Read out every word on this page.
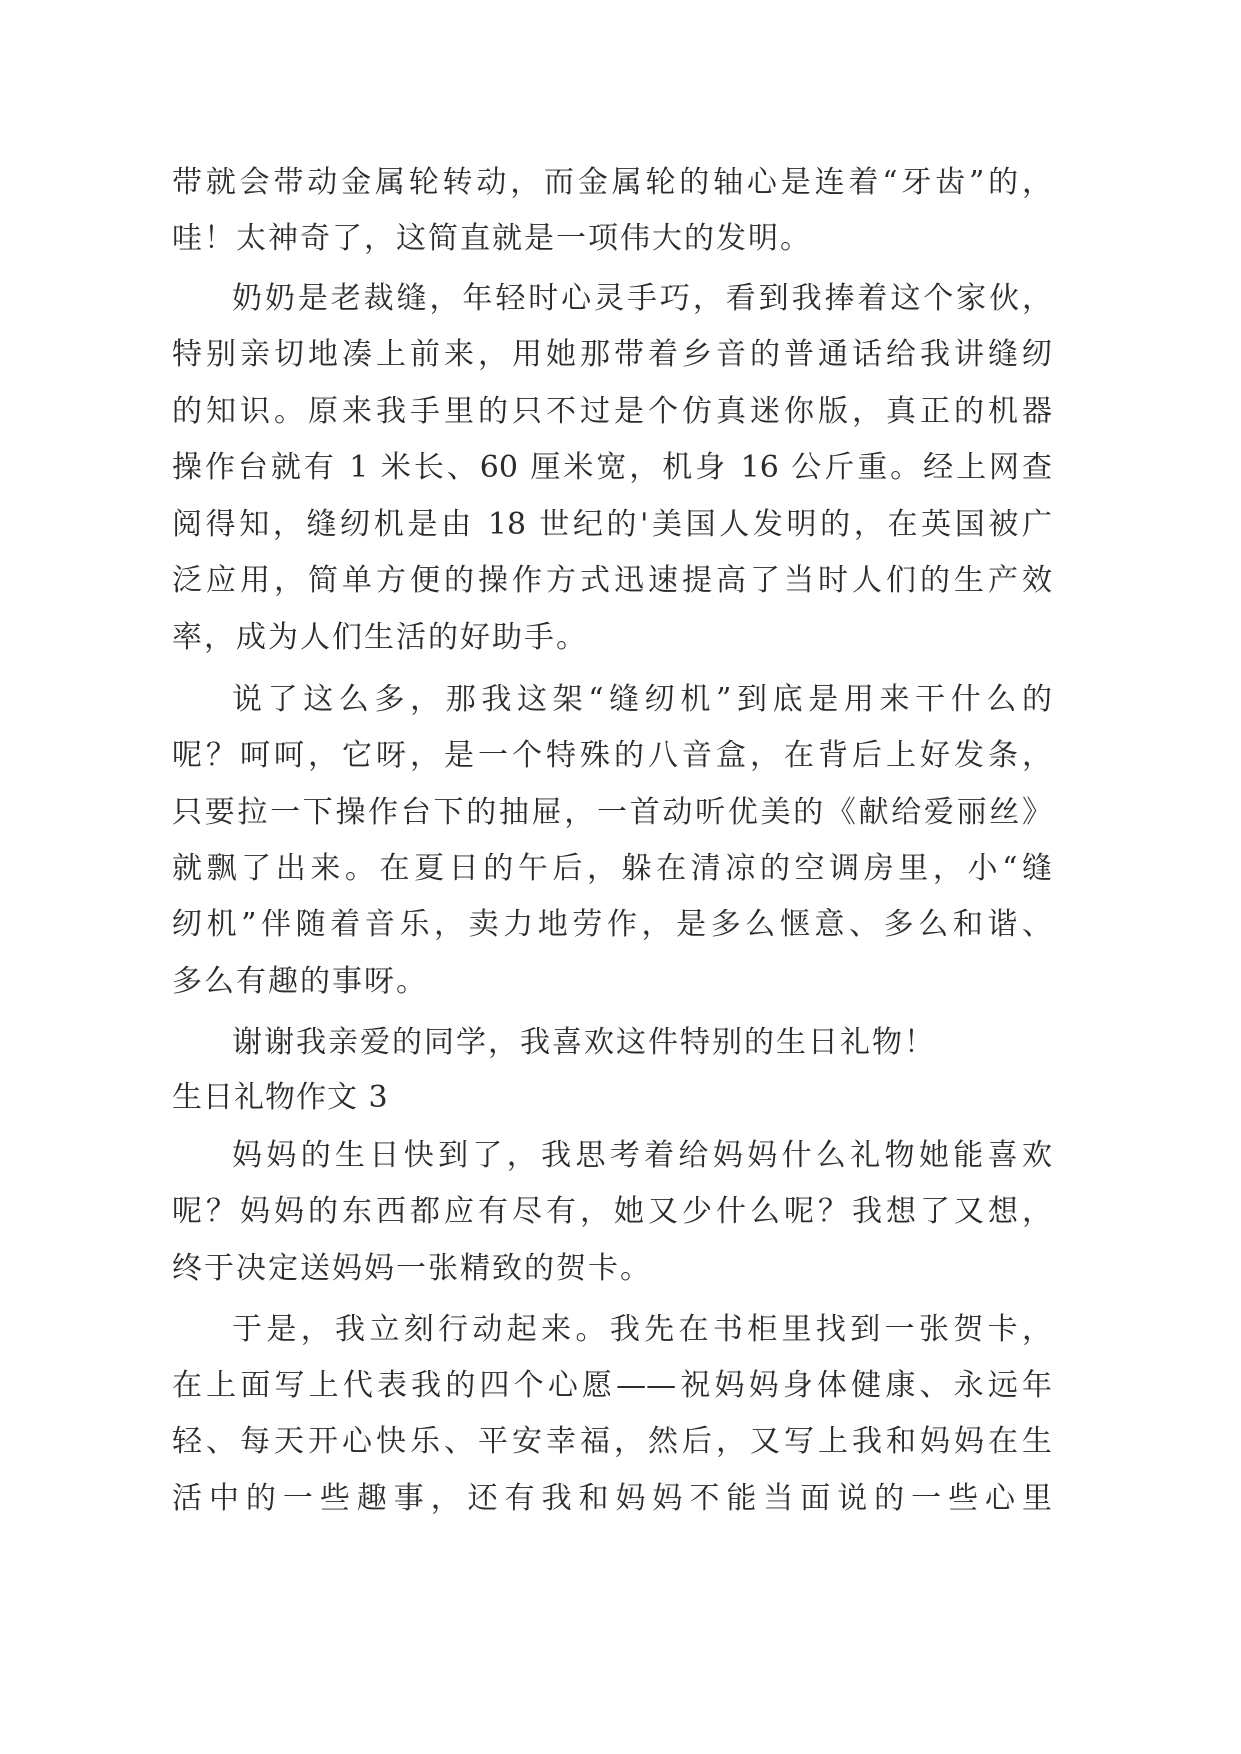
带就会带动金属轮转动，而金属轮的轴心是连着“牙齿”的，
哇！太神奇了，这简直就是一项伟大的发明。
奶奶是老裁缝，年轻时心灵手巧，看到我捧着这个家伙，
特别亲切地凑上前来，用她那带着乡音的普通话给我讲缝纫
的知识。原来我手里的只不过是个仿真迷你版，真正的机器
操作台就有 1 米长、60 厘米宽，机身 16 公斤重。经上网查
阅得知，缝纫机是由 18 世纪的'美国人发明的，在英国被广
泛应用，简单方便的操作方式迅速提高了当时人们的生产效
率，成为人们生活的好助手。
说了这么多，那我这架“缝纫机”到底是用来干什么的
呢？呵呵，它呀，是一个特殊的八音盒，在背后上好发条，
只要拉一下操作台下的抽屉，一首动听优美的《献给爱丽丝》
就飘了出来。在夏日的午后，躲在清凉的空调房里，小“缝
纫机”伴随着音乐，卖力地劳作，是多么惬意、多么和谐、
多么有趣的事呀。
谢谢我亲爱的同学，我喜欢这件特别的生日礼物！
生日礼物作文 3
妈妈的生日快到了，我思考着给妈妈什么礼物她能喜欢
呢？妈妈的东西都应有尽有，她又少什么呢？我想了又想，
终于决定送妈妈一张精致的贺卡。
于是，我立刻行动起来。我先在书柜里找到一张贺卡，
在上面写上代表我的四个心愿——祝妈妈身体健康、永远年
轻、每天开心快乐、平安幸福，然后，又写上我和妈妈在生
活中的一些趣事，还有我和妈妈不能当面说的一些心里
